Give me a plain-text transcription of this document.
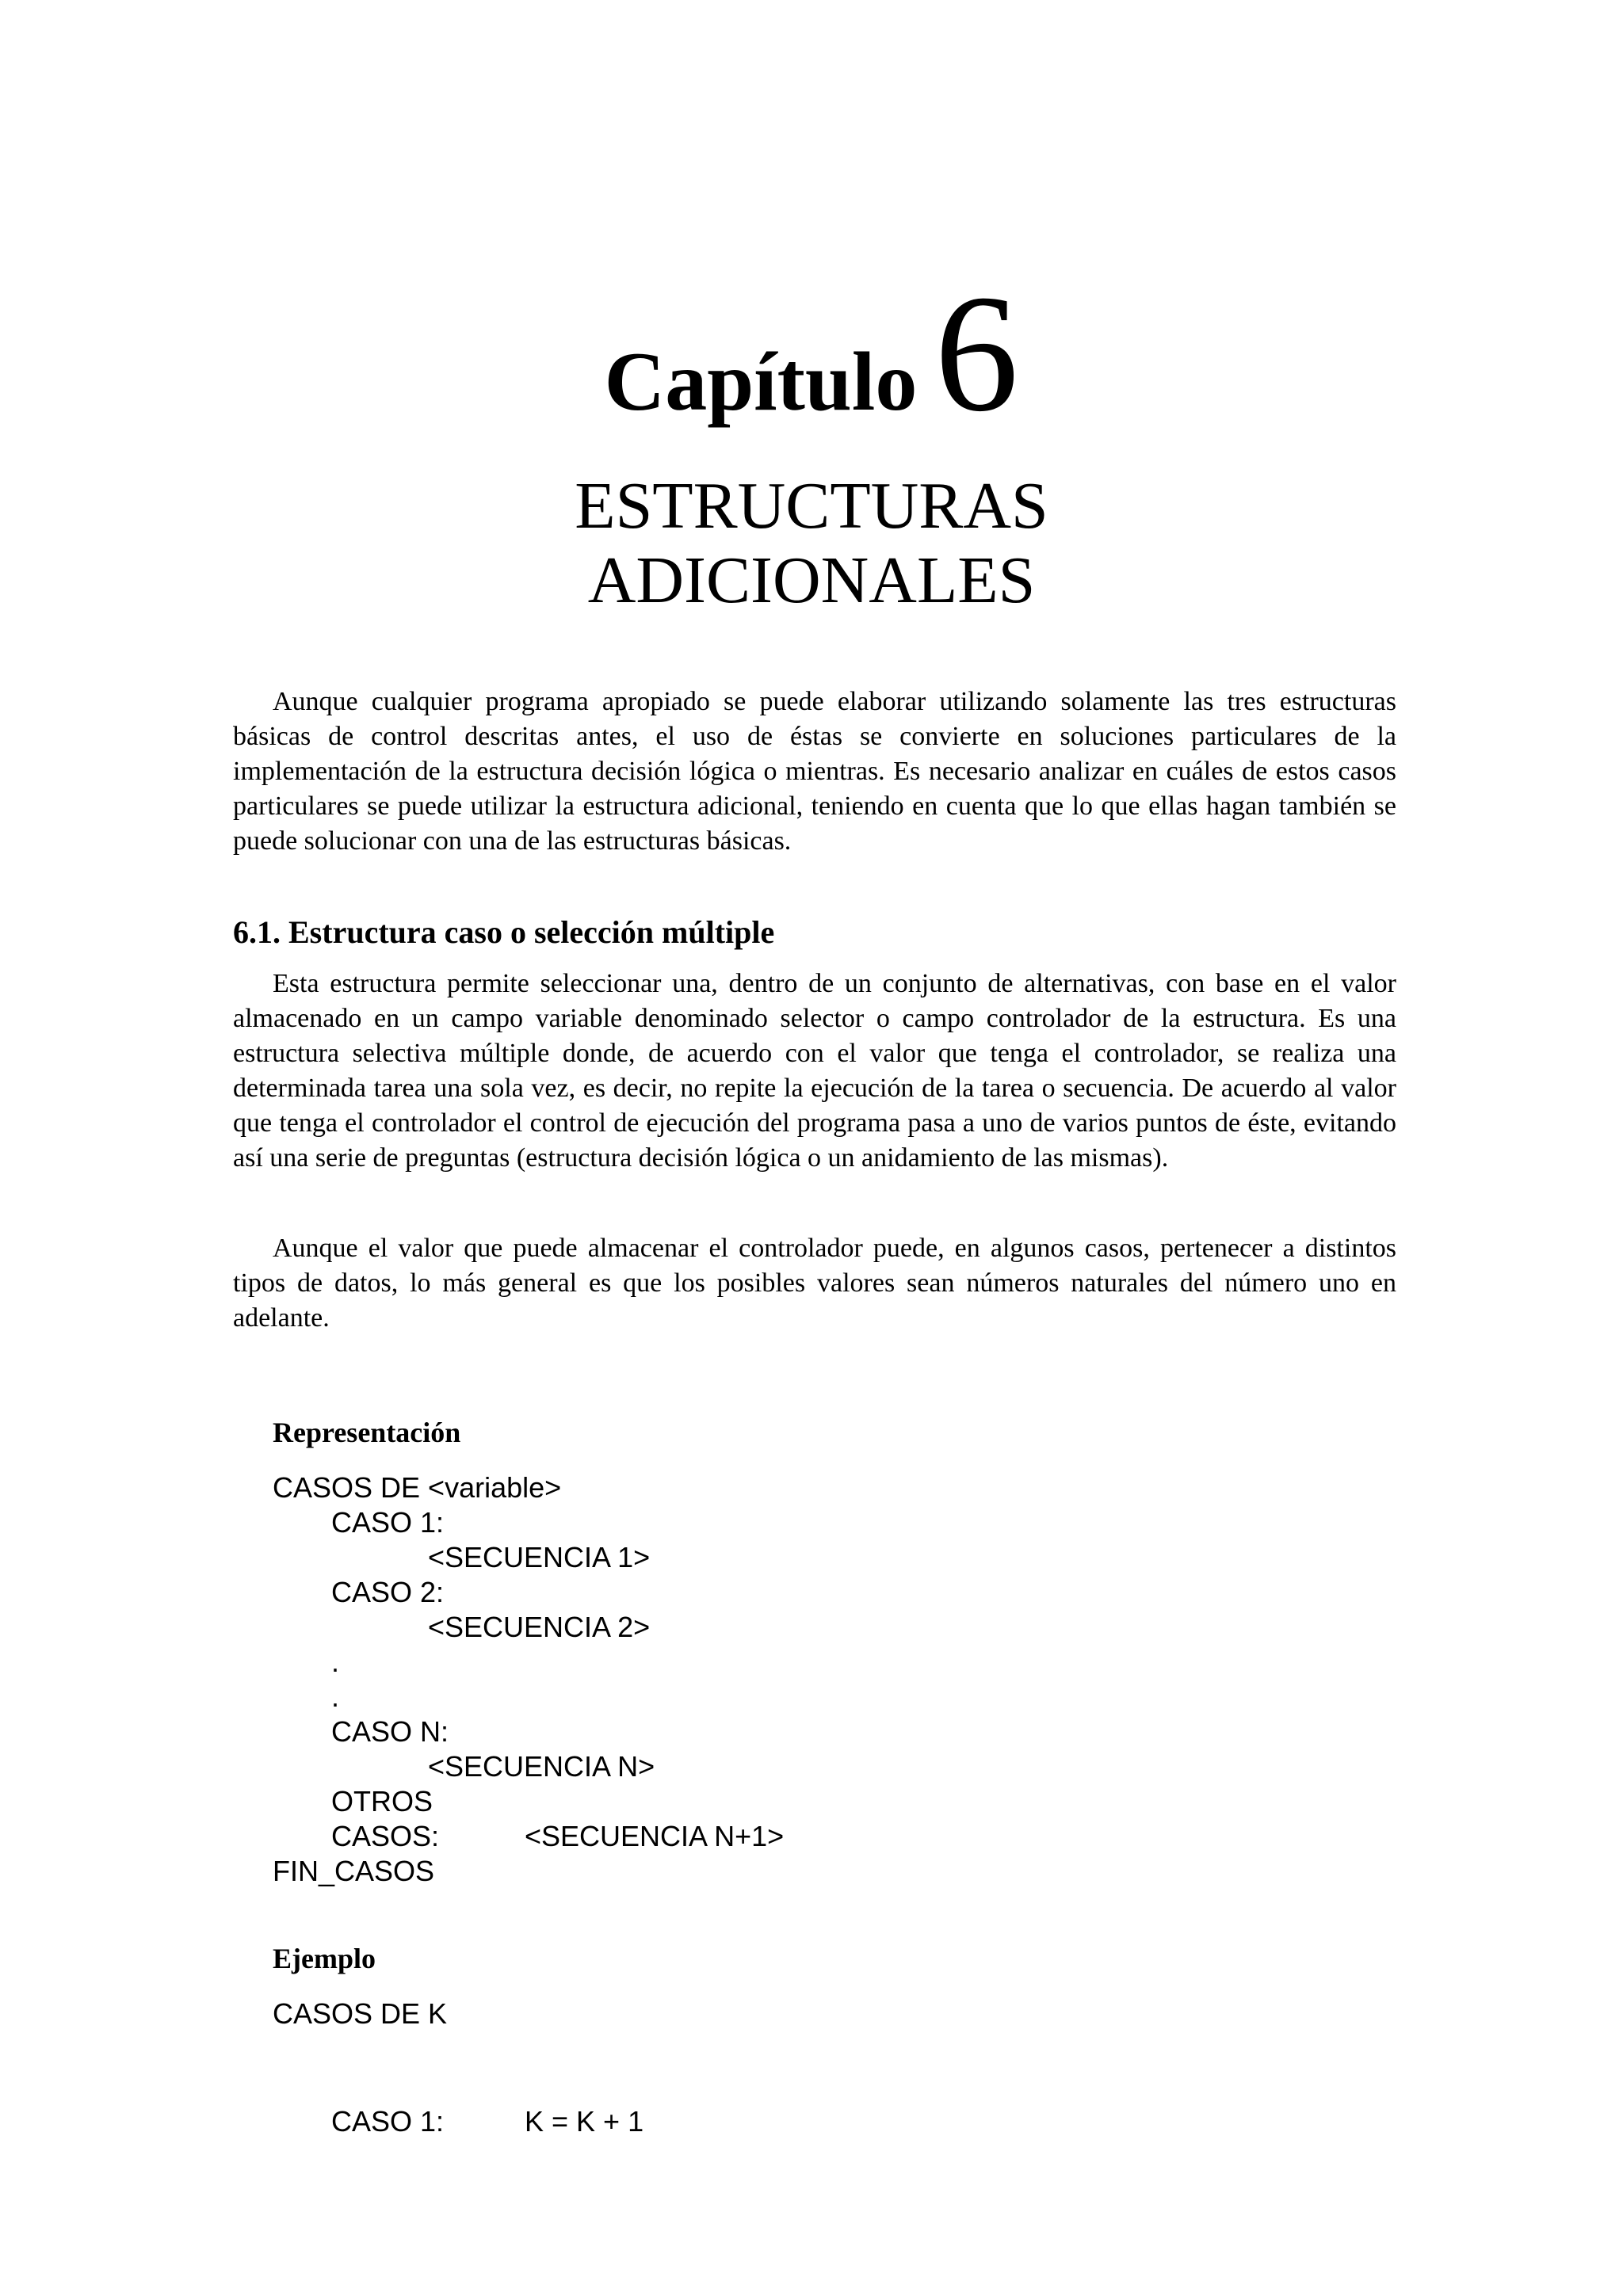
Capítulo 6
ESTRUCTURAS
ADICIONALES

Aunque cualquier programa apropiado se puede elaborar utilizando solamente las tres estructuras básicas de control descritas antes, el uso de éstas se convierte en soluciones particulares de la implementación de la estructura decisión lógica o mientras. Es necesario analizar en cuáles de estos casos particulares se puede utilizar la estructura adicional, teniendo en cuenta que lo que ellas hagan también se puede solucionar con una de las estructuras básicas.

6.1. Estructura caso o selección múltiple

Esta estructura permite seleccionar una, dentro de un conjunto de alternativas, con base en el valor almacenado en un campo variable denominado selector o campo controlador de la estructura. Es una estructura selectiva múltiple donde, de acuerdo con el valor que tenga el controlador, se realiza una determinada tarea una sola vez, es decir, no repite la ejecución de la tarea o secuencia. De acuerdo al valor que tenga el controlador el control de ejecución del programa pasa a uno de varios puntos de éste, evitando así una serie de preguntas (estructura decisión lógica o un anidamiento de las mismas).

Aunque el valor que puede almacenar el controlador puede, en algunos casos, pertenecer a distintos tipos de datos, lo más general es que los posibles valores sean números naturales del número uno en adelante.

Representación
CASOS DE <variable>
CASO 1:
<SECUENCIA 1>
CASO 2:
<SECUENCIA 2>
.
.
CASO N:
<SECUENCIA N>
OTROS
CASOS:	<SECUENCIA N+1>
FIN_CASOS
Ejemplo
CASOS DE K
CASO 1:	K = K + 1
